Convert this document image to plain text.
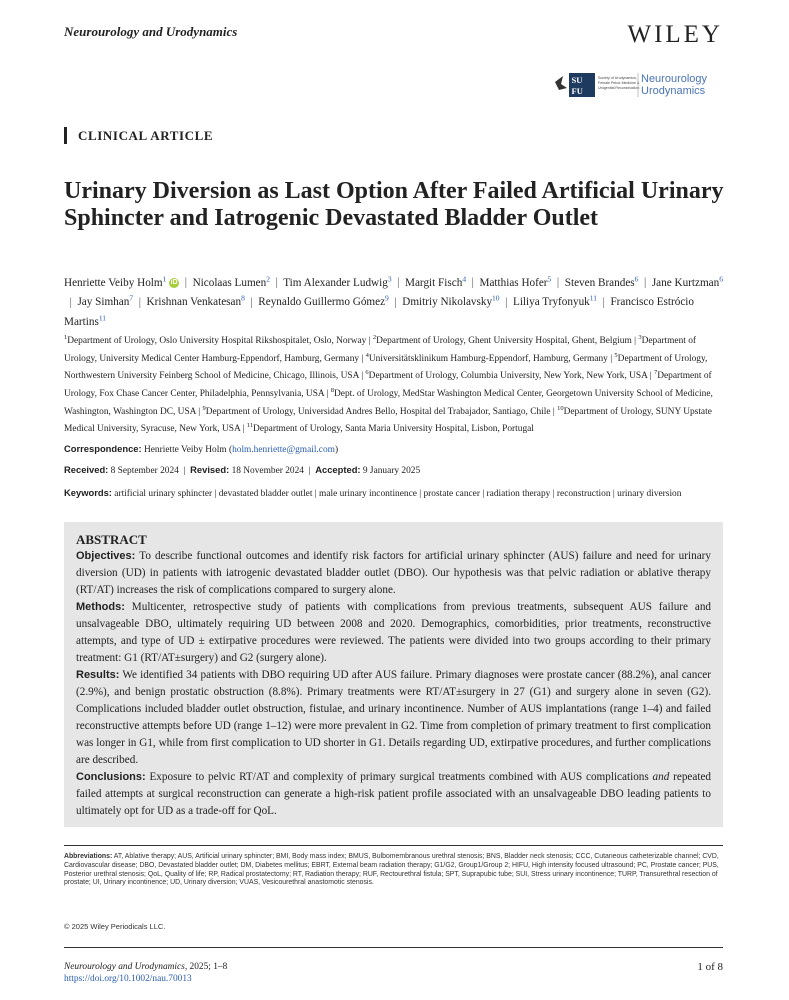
Neurourology and Urodynamics	WILEY
SU
FU
Society of Urodynamics,
Female Pelvic Medicine &
Urogenital Reconstruction
Neurourology
Urodynamics
CLINICAL ARTICLE
Urinary Diversion as Last Option After Failed Artificial Urinary Sphincter and Iatrogenic Devastated Bladder Outlet
Henriette Veiby Holm$^1$ iD  |  Nicolaas Lumen$^2$  |  Tim Alexander Ludwig$^3$  |  Margit Fisch$^4$  |  Matthias Hofer$^5$  |  Steven Brandes$^6$  |  Jane Kurtzman$^6$  |  Jay Simhan$^7$  |  Krishnan Venkatesan$^8$  |  Reynaldo Guillermo Gómez$^9$  |  Dmitriy Nikolavsky$^{10}$  |  Liliya Tryfonyuk$^{11}$  |  Francisco Estrócio Martins$^{11}$
$^1$Department of Urology, Oslo University Hospital Rikshospitalet, Oslo, Norway | $^2$Department of Urology, Ghent University Hospital, Ghent, Belgium | $^3$Department of Urology, University Medical Center Hamburg-Eppendorf, Hamburg, Germany | $^4$Universitätsklinikum Hamburg-Eppendorf, Hamburg, Germany | $^5$Department of Urology, Northwestern University Feinberg School of Medicine, Chicago, Illinois, USA | $^6$Department of Urology, Columbia University, New York, New York, USA | $^7$Department of Urology, Fox Chase Cancer Center, Philadelphia, Pennsylvania, USA | $^8$Dept. of Urology, MedStar Washington Medical Center, Georgetown University School of Medicine, Washington, Washington DC, USA | $^9$Department of Urology, Universidad Andres Bello, Hospital del Trabajador, Santiago, Chile | $^{10}$Department of Urology, SUNY Upstate Medical University, Syracuse, New York, USA | $^{11}$Department of Urology, Santa Maria University Hospital, Lisbon, Portugal
Correspondence: Henriette Veiby Holm (holm.henriette@gmail.com)
Received: 8 September 2024  |  Revised: 18 November 2024  |  Accepted: 9 January 2025
Keywords: artificial urinary sphincter | devastated bladder outlet | male urinary incontinence | prostate cancer | radiation therapy | reconstruction | urinary diversion
ABSTRACT

Objectives: To describe functional outcomes and identify risk factors for artificial urinary sphincter (AUS) failure and need for urinary diversion (UD) in patients with iatrogenic devastated bladder outlet (DBO). Our hypothesis was that pelvic radiation or ablative therapy (RT/AT) increases the risk of complications compared to surgery alone.

Methods: Multicenter, retrospective study of patients with complications from previous treatments, subsequent AUS failure and unsalvageable DBO, ultimately requiring UD between 2008 and 2020. Demographics, comorbidities, prior treatments, reconstructive attempts, and type of UD ± extirpative procedures were reviewed. The patients were divided into two groups according to their primary treatment: G1 (RT/AT±surgery) and G2 (surgery alone).

Results: We identified 34 patients with DBO requiring UD after AUS failure. Primary diagnoses were prostate cancer (88.2%), anal cancer (2.9%), and benign prostatic obstruction (8.8%). Primary treatments were RT/AT±surgery in 27 (G1) and surgery alone in seven (G2). Complications included bladder outlet obstruction, fistulae, and urinary incontinence. Number of AUS implantations (range 1–4) and failed reconstructive attempts before UD (range 1–12) were more prevalent in G2. Time from completion of primary treatment to first complication was longer in G1, while from first complication to UD shorter in G1. Details regarding UD, extirpative procedures, and further complications are described.

Conclusions: Exposure to pelvic RT/AT and complexity of primary surgical treatments combined with AUS complications and repeated failed attempts at surgical reconstruction can generate a high-risk patient profile associated with an unsalvageable DBO leading patients to ultimately opt for UD as a trade-off for QoL.

Abbreviations: AT, Ablative therapy; AUS, Artificial urinary sphincter; BMI, Body mass index; BMUS, Bulbomembranous urethral stenosis; BNS, Bladder neck stenosis; CCC, Cutaneous catheterizable channel; CVD, Cardiovascular disease; DBO, Devastated bladder outlet; DM, Diabetes mellitus; EBRT, External beam radiation therapy; G1/G2, Group1/Group 2; HIFU, High intensity focused ultrasound; PC, Prostate cancer; PUS, Posterior urethral stenosis; QoL, Quality of life; RP, Radical prostatectomy; RT, Radiation therapy; RUF, Rectourethral fistula; SPT, Suprapubic tube; SUI, Stress urinary incontinence; TURP, Transurethral resection of prostate; UI, Urinary incontinence; UD, Urinary diversion; VUAS, Vesicourethral anastomotic stenosis.
© 2025 Wiley Periodicals LLC.
Neurourology and Urodynamics, 2025; 1–8
https://doi.org/10.1002/nau.70013
1 of 8
